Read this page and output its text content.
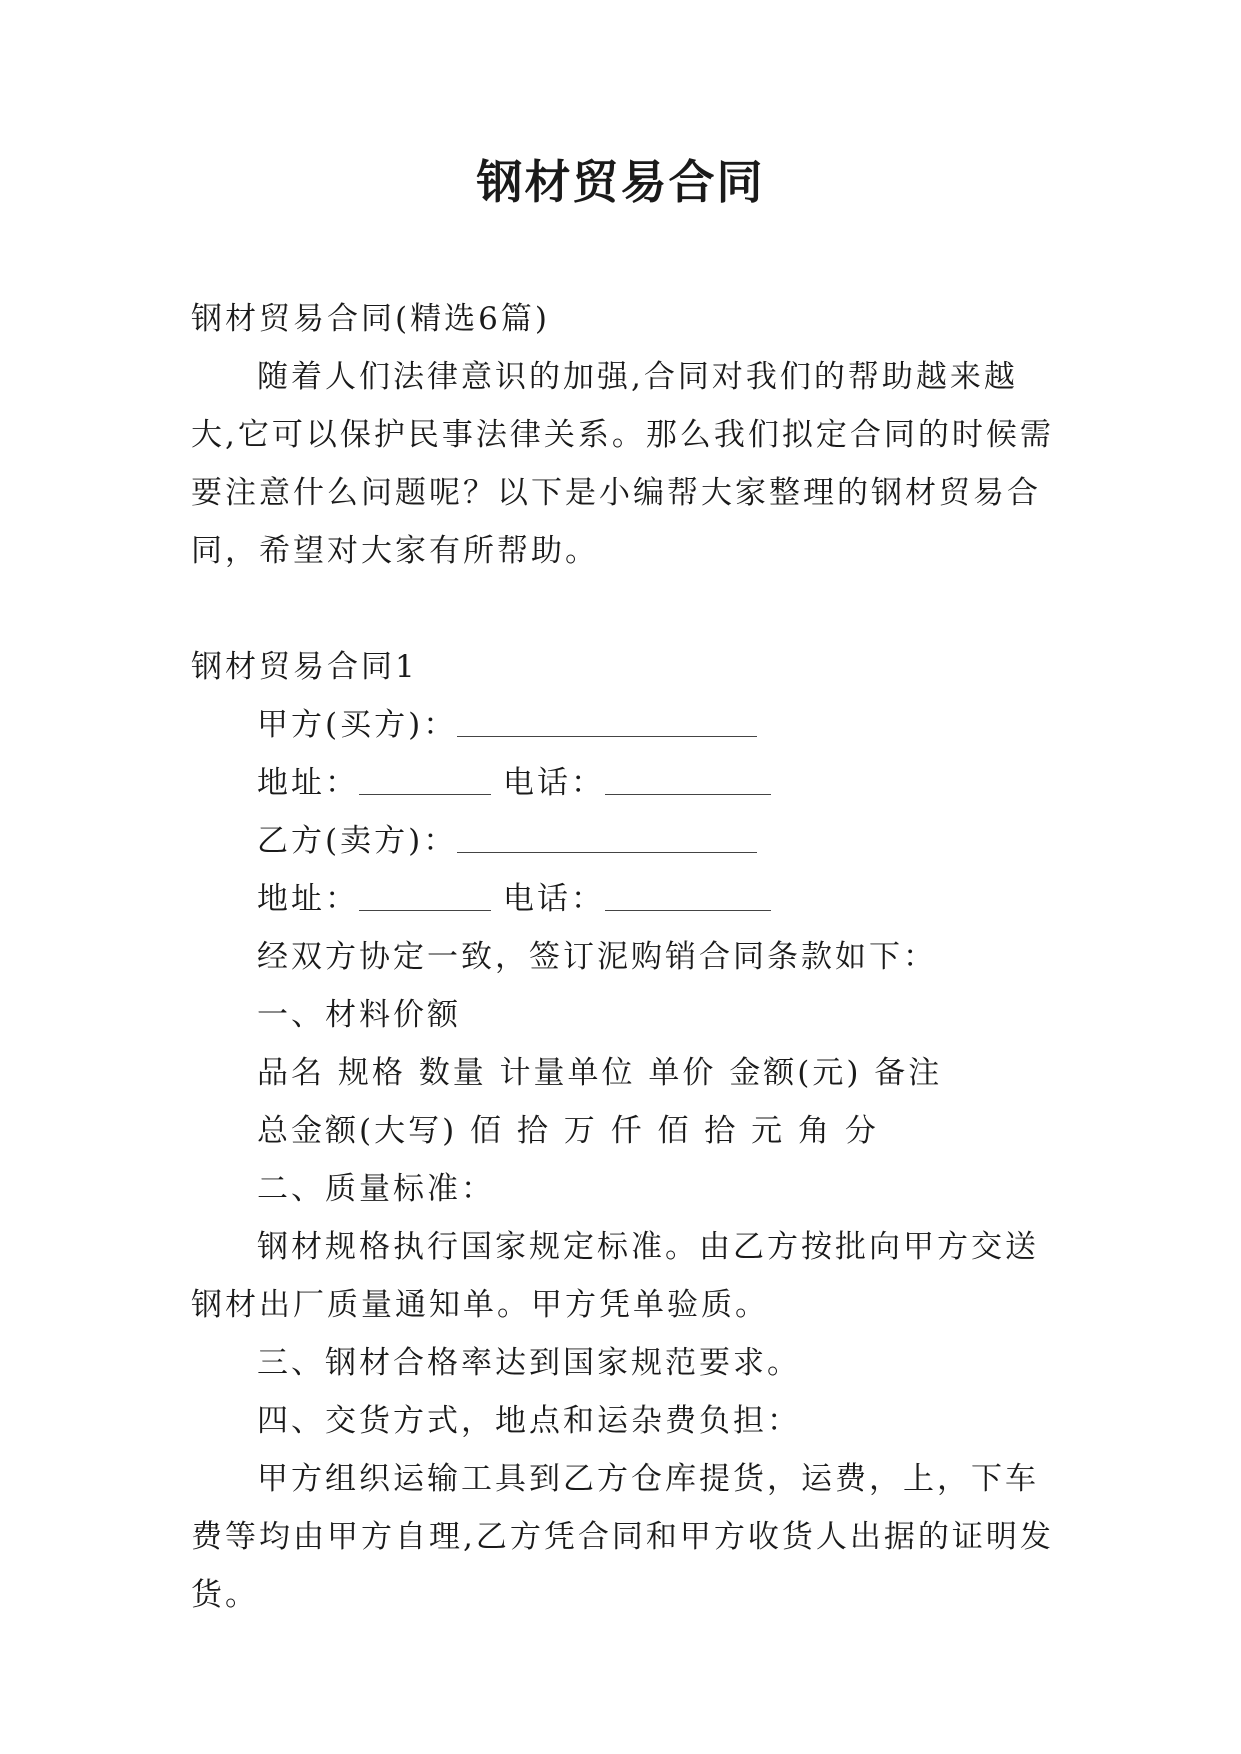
钢材贸易合同

钢材贸易合同(精选6篇)

随着人们法律意识的加强,合同对我们的帮助越来越大,它可以保护民事法律关系。那么我们拟定合同的时候需要注意什么问题呢？以下是小编帮大家整理的钢材贸易合同，希望对大家有所帮助。

钢材贸易合同1

甲方(买方)：

地址：	电话：

乙方(卖方)：

地址：	电话：

经双方协定一致，签订泥购销合同条款如下：

一、材料价额

品名 规格 数量 计量单位 单价 金额(元) 备注

总金额(大写) 佰 拾 万 仟 佰 拾 元 角 分

二、质量标准：

钢材规格执行国家规定标准。由乙方按批向甲方交送钢材出厂质量通知单。甲方凭单验质。

三、钢材合格率达到国家规范要求。

四、交货方式，地点和运杂费负担：

甲方组织运输工具到乙方仓库提货，运费，上，下车费等均由甲方自理,乙方凭合同和甲方收货人出据的证明发货。
